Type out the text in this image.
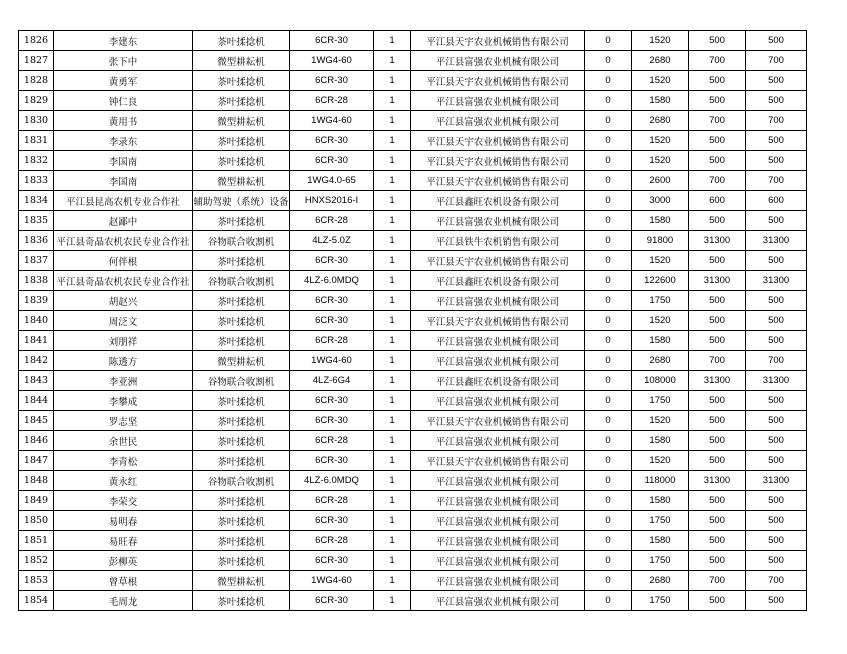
1826	李建东	茶叶揉捻机	6CR-30	1	平江县天宇农业机械销售有限公司	0	1520	500	500
1827	张下中	微型耕耘机	1WG4-60	1	平江县富强农业机械有限公司	0	2680	700	700
1828	黄勇军	茶叶揉捻机	6CR-30	1	平江县天宇农业机械销售有限公司	0	1520	500	500
1829	钟仁良	茶叶揉捻机	6CR-28	1	平江县富强农业机械有限公司	0	1580	500	500
1830	黄用书	微型耕耘机	1WG4-60	1	平江县富强农业机械有限公司	0	2680	700	700
1831	李录东	茶叶揉捻机	6CR-30	1	平江县天宇农业机械销售有限公司	0	1520	500	500
1832	李国南	茶叶揉捻机	6CR-30	1	平江县天宇农业机械销售有限公司	0	1520	500	500
1833	李国南	微型耕耘机	1WG4.0-65	1	平江县天宇农业机械销售有限公司	0	2600	700	700
1834	平江县昆高农机专业合作社	辅助驾驶（系统）设备	HNXS2016-I	1	平江县鑫旺农机设备有限公司	0	3000	600	600
1835	赵鄙中	茶叶揉捻机	6CR-28	1	平江县富强农业机械有限公司	0	1580	500	500
1836	平江县奇晶农机农民专业合作社	谷物联合收割机	4LZ-5.0Z	1	平江县铁牛农机销售有限公司	0	91800	31300	31300
1837	何伴根	茶叶揉捻机	6CR-30	1	平江县天宇农业机械销售有限公司	0	1520	500	500
1838	平江县奇晶农机农民专业合作社	谷物联合收割机	4LZ-6.0MDQ	1	平江县鑫旺农机设备有限公司	0	122600	31300	31300
1839	胡赵兴	茶叶揉捻机	6CR-30	1	平江县富强农业机械有限公司	0	1750	500	500
1840	周泛文	茶叶揉捻机	6CR-30	1	平江县天宇农业机械销售有限公司	0	1520	500	500
1841	刘朋祥	茶叶揉捻机	6CR-28	1	平江县富强农业机械有限公司	0	1580	500	500
1842	陈透方	微型耕耘机	1WG4-60	1	平江县富强农业机械有限公司	0	2680	700	700
1843	李亚洲	谷物联合收割机	4LZ-6G4	1	平江县鑫旺农机设备有限公司	0	108000	31300	31300
1844	李攀成	茶叶揉捻机	6CR-30	1	平江县富强农业机械有限公司	0	1750	500	500
1845	罗志坚	茶叶揉捻机	6CR-30	1	平江县天宇农业机械销售有限公司	0	1520	500	500
1846	余世民	茶叶揉捻机	6CR-28	1	平江县富强农业机械有限公司	0	1580	500	500
1847	李青松	茶叶揉捻机	6CR-30	1	平江县天宇农业机械销售有限公司	0	1520	500	500
1848	黄永红	谷物联合收割机	4LZ-6.0MDQ	1	平江县富强农业机械有限公司	0	118000	31300	31300
1849	李荣交	茶叶揉捻机	6CR-28	1	平江县富强农业机械有限公司	0	1580	500	500
1850	易明春	茶叶揉捻机	6CR-30	1	平江县富强农业机械有限公司	0	1750	500	500
1851	易旺春	茶叶揉捻机	6CR-28	1	平江县富强农业机械有限公司	0	1580	500	500
1852	彭柳英	茶叶揉捻机	6CR-30	1	平江县富强农业机械有限公司	0	1750	500	500
1853	曾草根	微型耕耘机	1WG4-60	1	平江县富强农业机械有限公司	0	2680	700	700
1854	毛周龙	茶叶揉捻机	6CR-30	1	平江县富强农业机械有限公司	0	1750	500	500
